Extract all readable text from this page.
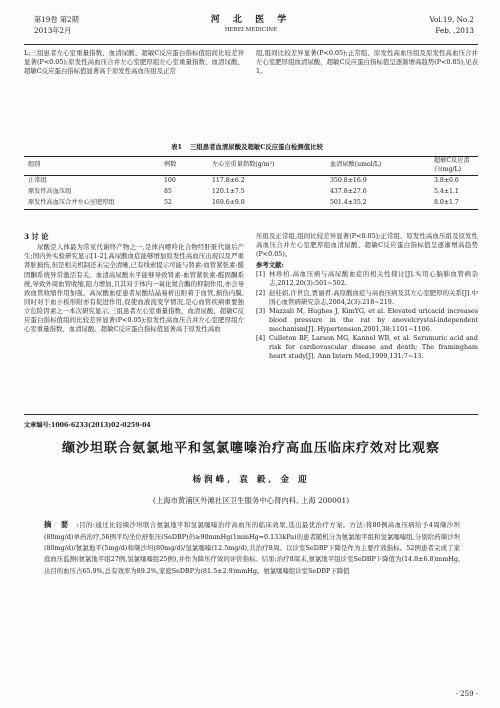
第19卷 第2期
2013年2月
河 北 医 学
HEBEI MEDICINE
Vol.19, No.2
Feb. ,2013

L;三组患者左心室重量指数、血清尿酸、超敏C反应蛋白指标值组间比较差异显著(P<0.05);原发性高血压合并左心室肥厚组左心室重量指数、血清尿酸、超敏C反应蛋白指标值显著高于原发性高血压组及正常

组,组间比较差异显著(P<0.05);正常组、原发性高血压组及原发性高血压合并左心室肥厚组血清尿酸、超敏C反应蛋白指标值呈逐渐增高趋势(P<0.05),见表1。

表1 三组患者血清尿酸及超敏C反应蛋白检测值比较
组别	例数	左心室重量指数(g/m²)	血清尿酸(umol/L)	超敏C反应蛋白(mg/L)
正常组	100	117.8±6.2	350.8±16.9	3.8±0.6
原发性高血压组	85	120.1±7.5	437.8±27.6	5.4±1.1
原发性高血压合并左心室肥厚组	52	169.6±9.0	501.4±35.2	8.0±1.7
3 讨 论

尿酸是人体最为常见代谢终产物之一,是体内嘌呤化合物经肝脏代谢后产生;国内外实验研究显示[1-2],高尿酸血症能够增加原发性高血压出现以及严重肾脏损伤,但是相关机制还未完全清晰,已有线索提示可能与肾素-血管紧张素-醛固酮系统异常激活有关。血清高尿酸水平能够导致肾素-血管紧张素-醛固酮系统,导致外周血管收缩,阻力增加,且其对于体内一氧化氮合酶的抑制作用,亦会导致血管收缩作用加强。高尿酸血症患者尿酸结晶易析出附着于血管,损伤内膜,同时对于血小板形附亦有促进作用,促使血液流变学情况,是心血管疾病重要独立危险因素之一本次研究显示,三组患者左心室重量指数、血清尿酸、超敏C反应蛋白指标值组间比较差异显著(P<0.05);原发性高血压合并左心室肥厚组左心室重量指数、血清尿酸、超敏C反应蛋白指标值显著高于原发性高血

压组及正常组,组间比较差异显著(P<0.05);正常组、原发性高血压组及原发性高血压合并左心室肥厚组血清尿酸、超敏C反应蛋白指标值呈逐渐增高趋势(P<0.05)。

参考文献:
[1] 林珍柏.高血压病与高尿酸血症的相关性探讨[J].实用心脑肺血管病杂志,2012,20(3):501~502.
[2] 赵桂娟,许世良,贾丽君.高原酸血症与高血压病及其左心室肥厚的关系[J].中国心血管病研究杂志,2004,2(3):218~219.
[3] Mazzali M, Hughes J, KimYG, et al. Elevated uricacid increases blood pressure in the rat by anovelcrystal-independent mechanism[J]. Hypertension,2001,38:1101~1106.
[4] Culleton BF, Larson MG, Kannel WB, et al. Serumuric acid and risk for cardiovascular disease and death; The framingham heart study[J]. Ann Intern Med,1999,131:7~13.
文章编号:1006-6233(2013)02-0259-04
缬沙坦联合氨氯地平和氢氯噻嗪治疗高血压临床疗效对比观察
杨润峰, 袁 毅, 金 迎
(上海市黄浦区外滩社区卫生服务中心肾内科, 上海 200001)
摘 要 :目的:通过比较缬沙坦联合氨氯地平和氢氯噻嗪治疗高血压的临床效果,选出最优治疗方案。方法:将80例高血压病给予4周缬沙坦(80mg/d)单药治疗,56例平均坐位舒张压(SeDBP)仍≥90mmHg(1mmHg=0.133kPa)的患者随机分为氨氯地平组和氢氯噻嗪组,分别给药缬沙坦(80mg/d)/氨氯地平(5mg/d)和缬沙坦(80mg/d)/氢氯噻嗪(12.5mg/d),共治疗8周。以诊室SeDBP下降是作为主要疗效指标。52例患者完成了家庭血压监测(氨氯地平组27例,氢氯噻嗪组25例),并作为降压疗效的评价指标。结果:治疗8周末,氨氯地平组诊室SeDBP下降值为(14.8±6.8)mmHg,达目的血压占65.9%,总有效率为89.2%,家庭SeDBP为(81.5±2.9)mmHg。氨氯噻嗪组诊室SeDBP下降值
· 259 ·
